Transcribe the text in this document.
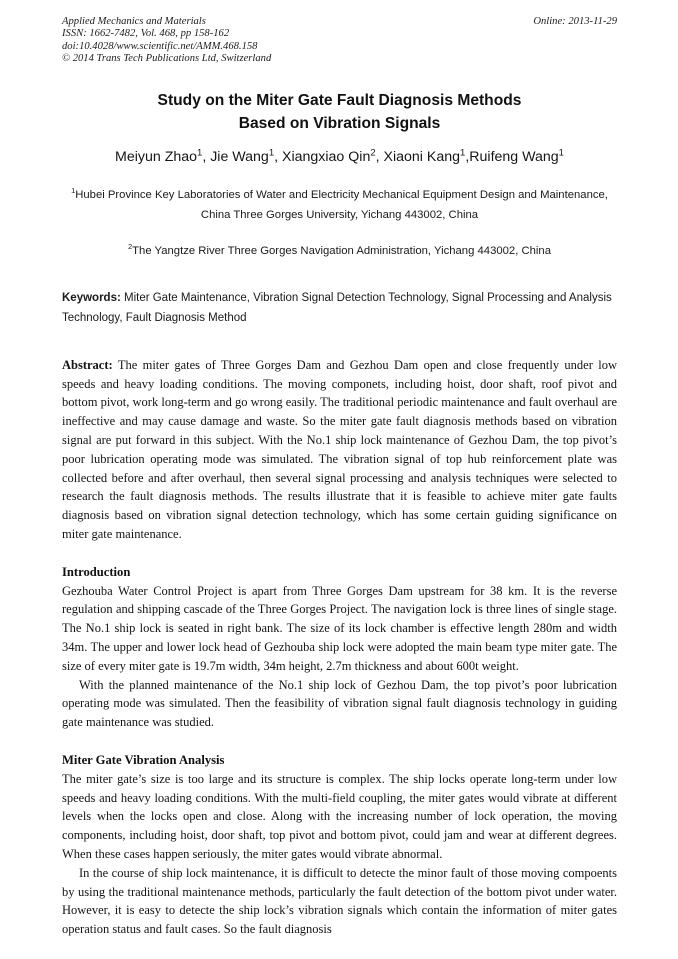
Applied Mechanics and Materials
ISSN: 1662-7482, Vol. 468, pp 158-162
doi:10.4028/www.scientific.net/AMM.468.158
© 2014 Trans Tech Publications Ltd, Switzerland
Online: 2013-11-29
Study on the Miter Gate Fault Diagnosis Methods
Based on Vibration Signals
Meiyun Zhao$^1$, Jie Wang$^1$, Xiangxiao Qin$^2$, Xiaoni Kang$^1$,Ruifeng Wang$^1$
$^1$Hubei Province Key Laboratories of Water and Electricity Mechanical Equipment Design and Maintenance, China Three Gorges University, Yichang 443002, China
$^2$The Yangtze River Three Gorges Navigation Administration, Yichang 443002, China

Keywords: Miter Gate Maintenance, Vibration Signal Detection Technology, Signal Processing and Analysis Technology, Fault Diagnosis Method

Abstract: The miter gates of Three Gorges Dam and Gezhou Dam open and close frequently under low speeds and heavy loading conditions. The moving componets, including hoist, door shaft, roof pivot and bottom pivot, work long-term and go wrong easily. The traditional periodic maintenance and fault overhaul are ineffective and may cause damage and waste. So the miter gate fault diagnosis methods based on vibration signal are put forward in this subject. With the No.1 ship lock maintenance of Gezhou Dam, the top pivot’s poor lubrication operating mode was simulated. The vibration signal of top hub reinforcement plate was collected before and after overhaul, then several signal processing and analysis techniques were selected to research the fault diagnosis methods. The results illustrate that it is feasible to achieve miter gate faults diagnosis based on vibration signal detection technology, which has some certain guiding significance on miter gate maintenance.

Introduction

Gezhouba Water Control Project is apart from Three Gorges Dam upstream for 38 km. It is the reverse regulation and shipping cascade of the Three Gorges Project. The navigation lock is three lines of single stage. The No.1 ship lock is seated in right bank. The size of its lock chamber is effective length 280m and width 34m. The upper and lower lock head of Gezhouba ship lock were adopted the main beam type miter gate. The size of every miter gate is 19.7m width, 34m height, 2.7m thickness and about 600t weight.

With the planned maintenance of the No.1 ship lock of Gezhou Dam, the top pivot’s poor lubrication operating mode was simulated. Then the feasibility of vibration signal fault diagnosis technology in guiding gate maintenance was studied.

Miter Gate Vibration Analysis

The miter gate’s size is too large and its structure is complex. The ship locks operate long-term under low speeds and heavy loading conditions. With the multi-field coupling, the miter gates would vibrate at different levels when the locks open and close. Along with the increasing number of lock operation, the moving components, including hoist, door shaft, top pivot and bottom pivot, could jam and wear at different degrees. When these cases happen seriously, the miter gates would vibrate abnormal.

In the course of ship lock maintenance, it is difficult to detecte the minor fault of those moving compoents by using the traditional maintenance methods, particularly the fault detection of the bottom pivot under water. However, it is easy to detecte the ship lock’s vibration signals which contain the information of miter gates operation status and fault cases. So the fault diagnosis
